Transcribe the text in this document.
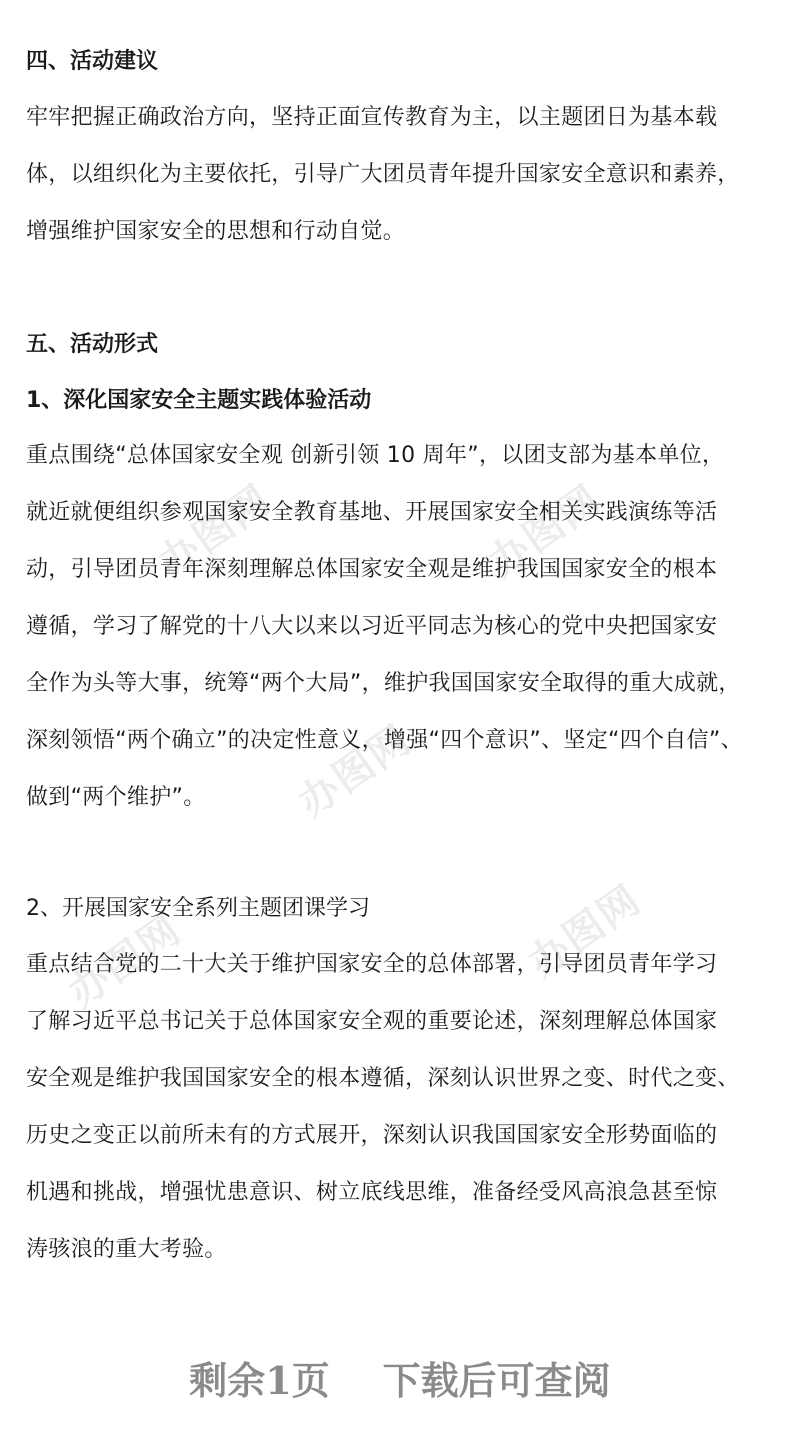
办图网	办图网
办图网
办图网	办图网
四、活动建议
牢牢把握正确政治方向，坚持正面宣传教育为主，以主题团日为基本载
体，以组织化为主要依托，引导广大团员青年提升国家安全意识和素养，
增强维护国家安全的思想和行动自觉。
五、活动形式
1、深化国家安全主题实践体验活动
重点围绕“总体国家安全观 创新引领 10 周年”，以团支部为基本单位，
就近就便组织参观国家安全教育基地、开展国家安全相关实践演练等活
动，引导团员青年深刻理解总体国家安全观是维护我国国家安全的根本
遵循，学习了解党的十八大以来以习近平同志为核心的党中央把国家安
全作为头等大事，统筹“两个大局”，维护我国国家安全取得的重大成就，
深刻领悟“两个确立”的决定性意义，增强“四个意识”、坚定“四个自信”、
做到“两个维护”。
2、开展国家安全系列主题团课学习
重点结合党的二十大关于维护国家安全的总体部署，引导团员青年学习
了解习近平总书记关于总体国家安全观的重要论述，深刻理解总体国家
安全观是维护我国国家安全的根本遵循，深刻认识世界之变、时代之变、
历史之变正以前所未有的方式展开，深刻认识我国国家安全形势面临的
机遇和挑战，增强忧患意识、树立底线思维，准备经受风高浪急甚至惊
涛骇浪的重大考验。
剩余1页 下载后可查阅
